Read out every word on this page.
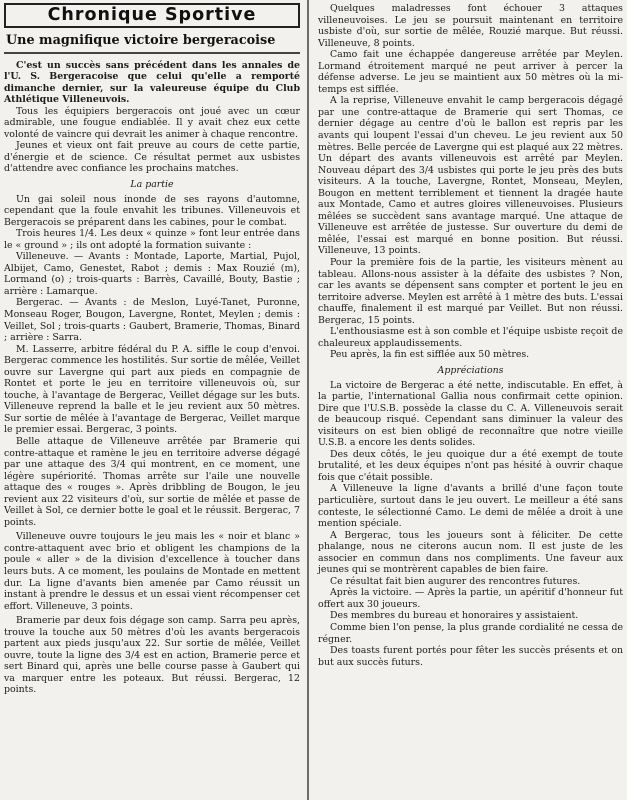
Chronique Sportive
Une magnifique victoire bergeracoise

C'est un succès sans précédent dans les annales de l'U. S. Bergeracoise que celui qu'elle a remporté dimanche dernier, sur la valeureuse équipe du Club Athlétique Villeneuvois.

Tous les équipiers bergeracois ont joué avec un cœur admirable, une fougue endiablée. Il y avait chez eux cette volonté de vaincre qui devrait les animer à chaque rencontre.

Jeunes et vieux ont fait preuve au cours de cette partie, d'énergie et de science. Ce résultat permet aux usbistes d'attendre avec confiance les prochains matches.

La partie

Un gai soleil nous inonde de ses rayons d'automne, cependant que la foule envahit les tribunes. Villeneuvois et Bergeracois se préparent dans les cabines, pour le combat.

Trois heures 1/4. Les deux « quinze » font leur entrée dans le « ground » ; ils ont adopté la formation suivante :

Villeneuve. — Avants : Montade, Laporte, Martial, Pujol, Albijet, Camo, Genestet, Rabot ; demis : Max Rouzié (m), Lormand (o) ; trois-quarts : Barrès, Cavaillé, Bouty, Bastie ; arrière : Lamarque.

Bergerac. — Avants : de Meslon, Luyé-Tanet, Puronne, Monseau Roger, Bougon, Lavergne, Rontet, Meylen ; demis : Veillet, Sol ; trois-quarts : Gaubert, Bramerie, Thomas, Binard ; arrière : Sarra.

M. Lasserre, arbitre fédéral du P. A. siffle le coup d'envoi. Bergerac commence les hostilités. Sur sortie de mêlée, Veillet ouvre sur Lavergne qui part aux pieds en compagnie de Rontet et porte le jeu en territoire villeneuvois où, sur touche, à l'avantage de Bergerac, Veillet dégage sur les buts. Villeneuve reprend la balle et le jeu revient aux 50 mètres. Sur sortie de mêlée à l'avantage de Bergerac, Veillet marque le premier essai. Bergerac, 3 points.

Belle attaque de Villeneuve arrêtée par Bramerie qui contre-attaque et ramène le jeu en territoire adverse dégagé par une attaque des 3/4 qui montrent, en ce moment, une légère supériorité. Thomas arrête sur l'aile une nouvelle attaque des « rouges ». Après dribbling de Bougon, le jeu revient aux 22 visiteurs d'où, sur sortie de mêlée et passe de Veillet à Sol, ce dernier botte le goal et le réussit. Bergerac, 7 points.

Villeneuve ouvre toujours le jeu mais les « noir et blanc » contre-attaquent avec brio et obligent les champions de la poule « aller » de la division d'excellence à toucher dans leurs buts. A ce moment, les poulains de Montade en mettent dur. La ligne d'avants bien amenée par Camo réussit un instant à prendre le dessus et un essai vient récompenser cet effort. Villeneuve, 3 points.

Bramerie par deux fois dégage son camp. Sarra peu après, trouve la touche aux 50 mètres d'où les avants bergeracois partent aux pieds jusqu'aux 22. Sur sortie de mêlée, Veillet ouvre, toute la ligne des 3/4 est en action, Bramerie perce et sert Binard qui, après une belle course passe à Gaubert qui va marquer entre les poteaux. But réussi. Bergerac, 12 points.

Quelques maladresses font échouer 3 attaques villeneuvoises. Le jeu se poursuit maintenant en territoire usbiste d'où, sur sortie de mêlée, Rouzié marque. But réussi. Villeneuve, 8 points.

Camo fait une échappée dangereuse arrêtée par Meylen. Lormand étroitement marqué ne peut arriver à percer la défense adverse. Le jeu se maintient aux 50 mètres où la mi-temps est sifflée.

A la reprise, Villeneuve envahit le camp bergeracois dégagé par une contre-attaque de Bramerie qui sert Thomas, ce dernier dégage au centre d'où le ballon est repris par les avants qui loupent l'essai d'un cheveu. Le jeu revient aux 50 mètres. Belle percée de Lavergne qui est plaqué aux 22 mètres. Un départ des avants villeneuvois est arrêté par Meylen. Nouveau départ des 3/4 usbistes qui porte le jeu près des buts visiteurs. A la touche, Lavergne, Rontet, Monseau, Meylen, Bougon en mettent terriblement et tiennent la dragée haute aux Montade, Camo et autres gloires villeneuvoises. Plusieurs mêlées se succèdent sans avantage marqué. Une attaque de Villeneuve est arrêtée de justesse. Sur ouverture du demi de mêlée, l'essai est marqué en bonne position. But réussi. Villeneuve, 13 points.

Pour la première fois de la partie, les visiteurs mènent au tableau. Allons-nous assister à la défaite des usbistes ? Non, car les avants se dépensent sans compter et portent le jeu en territoire adverse. Meylen est arrêté à 1 mètre des buts. L'essai chauffe, finalement il est marqué par Veillet. But non réussi. Bergerac, 15 points.

L'enthousiasme est à son comble et l'équipe usbiste reçoit de chaleureux applaudissements.

Peu après, la fin est sifflée aux 50 mètres.

Appréciations

La victoire de Bergerac a été nette, indiscutable. En effet, à la partie, l'international Gallia nous confirmait cette opinion. Dire que l'U.S.B. possède la classe du C. A. Villeneuvois serait de beaucoup risqué. Cependant sans diminuer la valeur des visiteurs on est bien obligé de reconnaître que notre vieille U.S.B. a encore les dents solides.

Des deux côtés, le jeu quoique dur a été exempt de toute brutalité, et les deux équipes n'ont pas hésité à ouvrir chaque fois que c'était possible.

A Villeneuve la ligne d'avants a brillé d'une façon toute particulière, surtout dans le jeu ouvert. Le meilleur a été sans conteste, le sélectionné Camo. Le demi de mêlée a droit à une mention spéciale.

A Bergerac, tous les joueurs sont à féliciter. De cette phalange, nous ne citerons aucun nom. Il est juste de les associer en commun dans nos compliments. Une faveur aux jeunes qui se montrèrent capables de bien faire.

Ce résultat fait bien augurer des rencontres futures.

Après la victoire. — Après la partie, un apéritif d'honneur fut offert aux 30 joueurs.

Des membres du bureau et honoraires y assistaient.

Comme bien l'on pense, la plus grande cordialité ne cessa de régner.

Des toasts furent portés pour fêter les succès présents et on but aux succès futurs.
